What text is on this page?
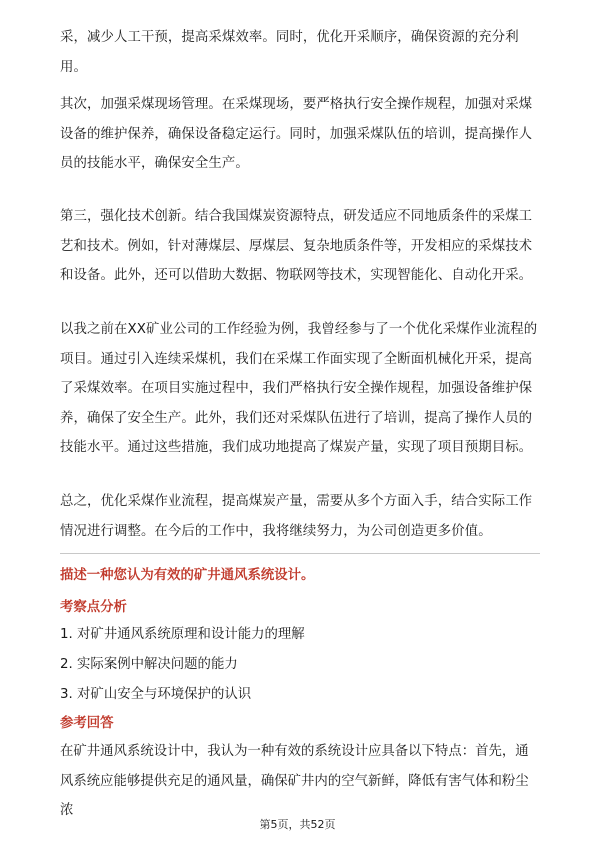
采，减少人工干预，提高采煤效率。同时，优化开采顺序，确保资源的充分利用。

其次，加强采煤现场管理。在采煤现场，要严格执行安全操作规程，加强对采煤设备的维护保养，确保设备稳定运行。同时，加强采煤队伍的培训，提高操作人员的技能水平，确保安全生产。

第三，强化技术创新。结合我国煤炭资源特点，研发适应不同地质条件的采煤工艺和技术。例如，针对薄煤层、厚煤层、复杂地质条件等，开发相应的采煤技术和设备。此外，还可以借助大数据、物联网等技术，实现智能化、自动化开采。

以我之前在XX矿业公司的工作经验为例，我曾经参与了一个优化采煤作业流程的项目。通过引入连续采煤机，我们在采煤工作面实现了全断面机械化开采，提高了采煤效率。在项目实施过程中，我们严格执行安全操作规程，加强设备维护保养，确保了安全生产。此外，我们还对采煤队伍进行了培训，提高了操作人员的技能水平。通过这些措施，我们成功地提高了煤炭产量，实现了项目预期目标。

总之，优化采煤作业流程，提高煤炭产量，需要从多个方面入手，结合实际工作情况进行调整。在今后的工作中，我将继续努力，为公司创造更多价值。

描述一种您认为有效的矿井通风系统设计。
考察点分析
1. 对矿井通风系统原理和设计能力的理解
2. 实际案例中解决问题的能力
3. 对矿山安全与环境保护的认识
参考回答

在矿井通风系统设计中，我认为一种有效的系统设计应具备以下特点：首先，通风系统应能够提供充足的通风量，确保矿井内的空气新鲜，降低有害气体和粉尘浓

第5页，共52页
